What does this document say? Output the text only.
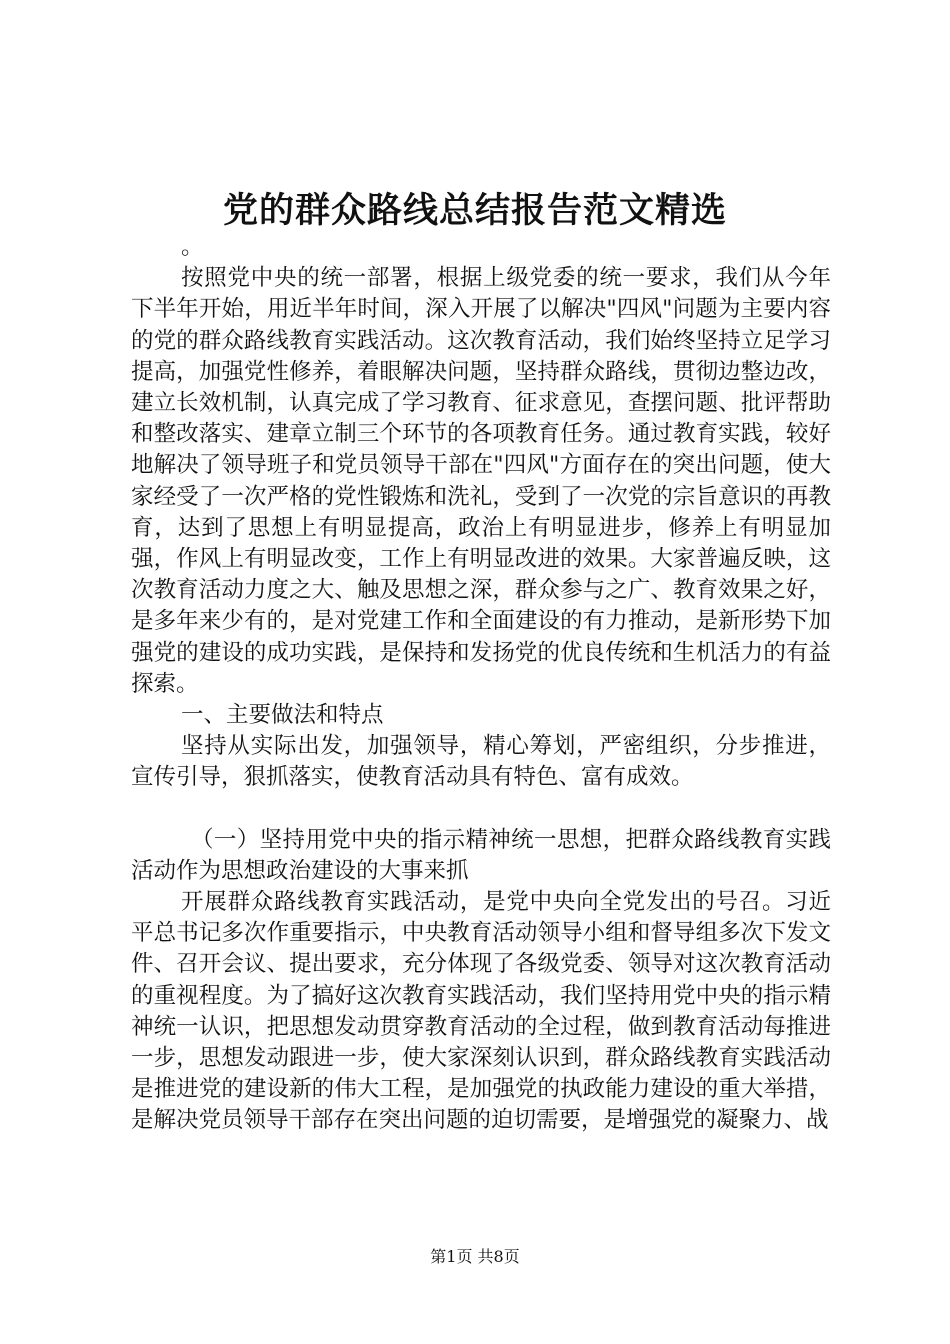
党的群众路线总结报告范文精选

。

按照党中央的统一部署，根据上级党委的统一要求，我们从今年下半年开始，用近半年时间，深入开展了以解决"四风"问题为主要内容的党的群众路线教育实践活动。这次教育活动，我们始终坚持立足学习提高，加强党性修养，着眼解决问题，坚持群众路线，贯彻边整边改，建立长效机制，认真完成了学习教育、征求意见，查摆问题、批评帮助和整改落实、建章立制三个环节的各项教育任务。通过教育实践，较好地解决了领导班子和党员领导干部在"四风"方面存在的突出问题，使大家经受了一次严格的党性锻炼和洗礼，受到了一次党的宗旨意识的再教育，达到了思想上有明显提高，政治上有明显进步，修养上有明显加强，作风上有明显改变，工作上有明显改进的效果。大家普遍反映，这次教育活动力度之大、触及思想之深，群众参与之广、教育效果之好，是多年来少有的，是对党建工作和全面建设的有力推动，是新形势下加强党的建设的成功实践，是保持和发扬党的优良传统和生机活力的有益探索。

一、主要做法和特点

坚持从实际出发，加强领导，精心筹划，严密组织，分步推进，宣传引导，狠抓落实，使教育活动具有特色、富有成效。

（一）坚持用党中央的指示精神统一思想，把群众路线教育实践活动作为思想政治建设的大事来抓

开展群众路线教育实践活动，是党中央向全党发出的号召。习近平总书记多次作重要指示，中央教育活动领导小组和督导组多次下发文件、召开会议、提出要求，充分体现了各级党委、领导对这次教育活动的重视程度。为了搞好这次教育实践活动，我们坚持用党中央的指示精神统一认识，把思想发动贯穿教育活动的全过程，做到教育活动每推进一步，思想发动跟进一步，使大家深刻认识到，群众路线教育实践活动是推进党的建设新的伟大工程，是加强党的执政能力建设的重大举措，是解决党员领导干部存在突出问题的迫切需要，是增强党的凝聚力、战

第1页 共8页
